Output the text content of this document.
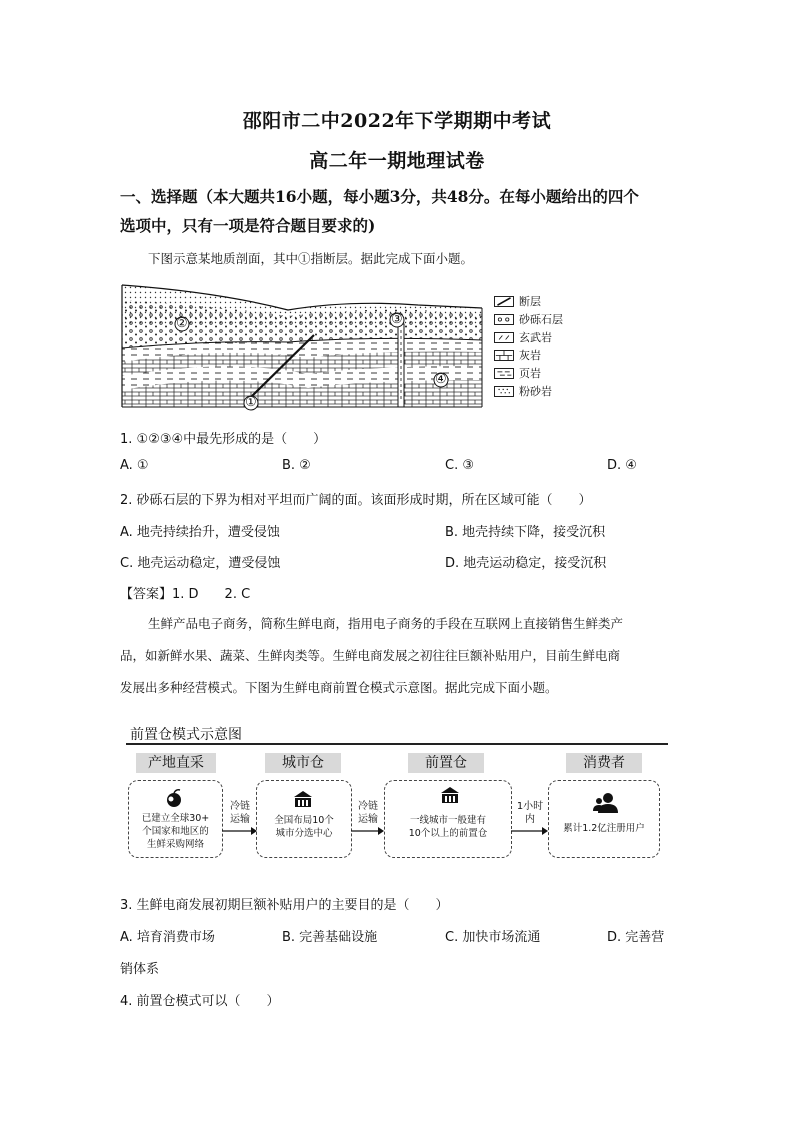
邵阳市二中2022年下学期期中考试
高二年一期地理试卷
一、选择题（本大题共16小题，每小题3分，共48分。在每小题给出的四个
选项中，只有一项是符合题目要求的)
下图示意某地质剖面，其中①指断层。据此完成下面小题。
②	③
④
①
断层
砂砾石层
玄武岩
灰岩
页岩
粉砂岩
1. ①②③④中最先形成的是（　　）
A. ①	B. ②	C. ③	D. ④
2. 砂砾石层的下界为相对平坦而广阔的面。该面形成时期，所在区域可能（　　）
A. 地壳持续抬升，遭受侵蚀	B. 地壳持续下降，接受沉积
C. 地壳运动稳定，遭受侵蚀	D. 地壳运动稳定，接受沉积
【答案】1. D　　2. C
生鲜产品电子商务，简称生鲜电商，指用电子商务的手段在互联网上直接销售生鲜类产
品，如新鲜水果、蔬菜、生鲜肉类等。生鲜电商发展之初往往巨额补贴用户，目前生鲜电商
发展出多种经营模式。下图为生鲜电商前置仓模式示意图。据此完成下面小题。
前置仓模式示意图
产地直采	城市仓	前置仓	消费者
已建立全球30+
个国家和地区的
生鲜采购网络
全国布局10个
城市分选中心
一线城市一般建有
10个以上的前置仓	累计1.2亿注册用户
冷链
运输
冷链
运输
1小时
内
3. 生鲜电商发展初期巨额补贴用户的主要目的是（　　）
A. 培育消费市场	B. 完善基础设施	C. 加快市场流通	D. 完善营
销体系
4. 前置仓模式可以（　　）
